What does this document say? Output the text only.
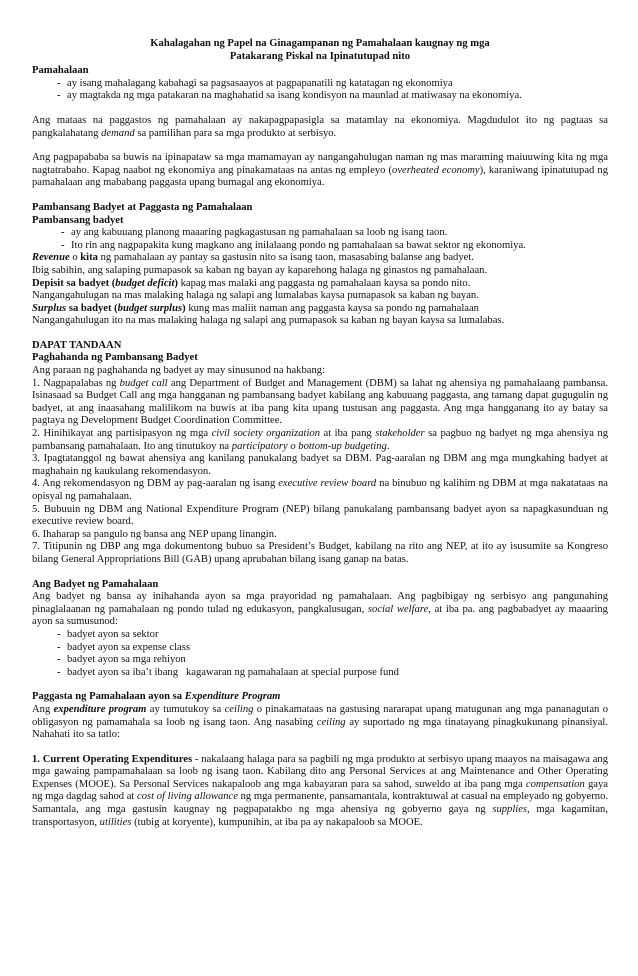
Kahalagahan ng Papel na Ginagampanan ng Pamahalaan kaugnay ng mga
Patakarang Piskal na Ipinatutupad nito
Pamahalaan
- ay isang mahalagang kabahagi sa pagsasaayos at pagpapanatili ng katatagan ng ekonomiya
- ay magtakda ng mga patakaran na maghahatid sa isang kondisyon na maunlad at matiwasay na ekonomiya.

Ang mataas na paggastos ng pamahalaan ay nakapagpapasigla sa matamlay na ekonomiya. Magdudulot ito ng pagtaas sa pangkalahatang demand sa pamilihan para sa mga produkto at serbisyo.

Ang pagpapababa sa buwis na ipinapataw sa mga mamamayan ay nangangahulugan naman ng mas maraming maiuuwing kita ng mga nagtatrabaho. Kapag naabot ng ekonomiya ang pinakamataas na antas ng empleyo (overheated economy), karaniwang ipinatutupad ng pamahalaan ang mababang paggasta upang bumagal ang ekonomiya.

Pambansang Badyet at Paggasta ng Pamahalaan
Pambansang badyet
- ay ang kabuuang planong maaaring pagkagastusan ng pamahalaan sa loob ng isang taon.
- Ito rin ang nagpapakita kung magkano ang inilalaang pondo ng pamahalaan sa bawat sektor ng ekonomiya.

Revenue o kita ng pamahalaan ay pantay sa gastusin nito sa isang taon, masasabing balanse ang badyet.

Ibig sabihin, ang salaping pumapasok sa kaban ng bayan ay kaparehong halaga ng ginastos ng pamahalaan.

Depisit sa badyet (budget deficit) kapag mas malaki ang paggasta ng pamahalaan kaysa sa pondo nito.

Nangangahulugan na mas malaking halaga ng salapi ang lumalabas kaysa pumapasok sa kaban ng bayan.

Surplus sa badyet (budget surplus) kung mas maliit naman ang paggasta kaysa sa pondo ng pamahalaan

Nangangahulugan ito na mas malaking halaga ng salapi ang pumapasok sa kaban ng bayan kaysa sa lumalabas.

DAPAT TANDAAN
Paghahanda ng Pambansang Badyet

Ang paraan ng paghahanda ng badyet ay may sinusunod na hakbang:

1. Nagpapalabas ng budget call ang Department of Budget and Management (DBM) sa lahat ng ahensiya ng pamahalaang pambansa. Isinasaad sa Budget Call ang mga hangganan ng pambansang badyet kabilang ang kabuuang paggasta, ang tamang dapat gugugulin ng badyet, at ang inaasahang malilikom na buwis at iba pang kita upang tustusan ang paggasta. Ang mga hangganang ito ay batay sa pagtaya ng Development Budget Coordination Committee.

2. Hinihikayat ang partisipasyon ng mga civil society organization at iba pang stakeholder sa pagbuo ng badyet ng mga ahensiya ng pambansang pamahalaan. Ito ang tinutukoy na participatory o bottom-up budgeting.

3. Ipagtatanggol ng bawat ahensiya ang kanilang panukalang badyet sa DBM. Pag-aaralan ng DBM ang mga mungkahing badyet at maghahain ng kaukulang rekomendasyon.

4. Ang rekomendasyon ng DBM ay pag-aaralan ng isang executive review board na binubuo ng kalihim ng DBM at mga nakatataas na opisyal ng pamahalaan.

5. Bubuuin ng DBM ang National Expenditure Program (NEP) bilang panukalang pambansang badyet ayon sa napagkasunduan ng executive review board.

6. Ihaharap sa pangulo ng bansa ang NEP upang linangin.

7. Titipunin ng DBP ang mga dokumentong bubuo sa President’s Budget, kabilang na rito ang NEP, at ito ay isusumite sa Kongreso bilang General Appropriations Bill (GAB) upang aprubahan bilang isang ganap na batas.

Ang Badyet ng Pamahalaan

Ang badyet ng bansa ay inihahanda ayon sa mga prayoridad ng pamahalaan. Ang pagbibigay ng serbisyo ang pangunahing pinaglalaanan ng pamahalaan ng pondo tulad ng edukasyon, pangkalusugan, social welfare, at iba pa. ang pagbabadyet ay maaaring ayon sa sumusunod:

- badyet ayon sa sektor
- badyet ayon sa expense class
- badyet ayon sa mga rehiyon
- badyet ayon sa iba’t ibang   kagawaran ng pamahalaan at special purpose fund
Paggasta ng Pamahalaan ayon sa Expenditure Program

Ang expenditure program ay tumutukoy sa ceiling o pinakamataas na gastusing nararapat upang matugunan ang mga pananagutan o obligasyon ng pamamahala sa loob ng isang taon. Ang nasabing ceiling ay suportado ng mga tinatayang pinagkukunang pinansiyal. Nahahati ito sa tatlo:

1. Current Operating Expenditures - nakalaang halaga para sa pagbili ng mga produkto at serbisyo upang maayos na maisagawa ang mga gawaing pampamahalaan sa loob ng isang taon. Kabilang dito ang Personal Services at ang Maintenance and Other Operating Expenses (MOOE). Sa Personal Services nakapaloob ang mga kabayaran para sa sahod, suweldo at iba pang mga compensation gaya ng mga dagdag sahod at cost of living allowance ng mga permanente, pansamantala, kontraktuwal at casual na empleyado ng gobyerno. Samantala, ang mga gastusin kaugnay ng pagpapatakbo ng mga ahensiya ng gobyerno gaya ng supplies, mga kagamitan, transportasyon, utilities (tubig at koryente), kumpunihin, at iba pa ay nakapaloob sa MOOE.
